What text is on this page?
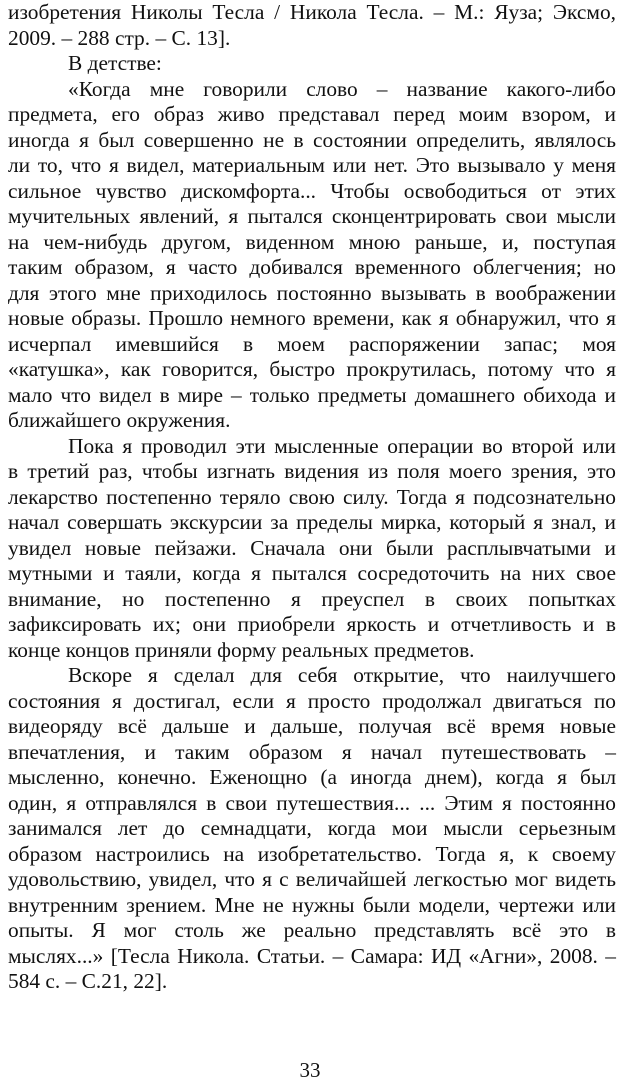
изобретения Николы Тесла / Никола Тесла. – М.: Яуза; Эксмо,
2009. – 288 стр. – С. 13].
В детстве:
«Когда мне говорили слово – название какого-либо
предмета, его образ живо представал перед моим взором, и
иногда я был совершенно не в состоянии определить, являлось
ли то, что я видел, материальным или нет. Это вызывало у меня
сильное чувство дискомфорта... Чтобы освободиться от этих
мучительных явлений, я пытался сконцентрировать свои мысли
на чем-нибудь другом, виденном мною раньше, и, поступая
таким образом, я часто добивался временного облегчения; но
для этого мне приходилось постоянно вызывать в воображении
новые образы. Прошло немного времени, как я обнаружил, что я
исчерпал имевшийся в моем распоряжении запас; моя
«катушка», как говорится, быстро прокрутилась, потому что я
мало что видел в мире – только предметы домашнего обихода и
ближайшего окружения.
Пока я проводил эти мысленные операции во второй или
в третий раз, чтобы изгнать видения из поля моего зрения, это
лекарство постепенно теряло свою силу. Тогда я подсознательно
начал совершать экскурсии за пределы мирка, который я знал, и
увидел новые пейзажи. Сначала они были расплывчатыми и
мутными и таяли, когда я пытался сосредоточить на них свое
внимание, но постепенно я преуспел в своих попытках
зафиксировать их; они приобрели яркость и отчетливость и в
конце концов приняли форму реальных предметов.
Вскоре я сделал для себя открытие, что наилучшего
состояния я достигал, если я просто продолжал двигаться по
видеоряду всё дальше и дальше, получая всё время новые
впечатления, и таким образом я начал путешествовать –
мысленно, конечно. Еженощно (а иногда днем), когда я был
один, я отправлялся в свои путешествия... ... Этим я постоянно
занимался лет до семнадцати, когда мои мысли серьезным
образом настроились на изобретательство. Тогда я, к своему
удовольствию, увидел, что я с величайшей легкостью мог видеть
внутренним зрением. Мне не нужны были модели, чертежи или
опыты. Я мог столь же реально представлять всё это в
мыслях...» [Тесла Никола. Статьи. – Самара: ИД «Агни», 2008. –
584 с. – С.21, 22].
33
